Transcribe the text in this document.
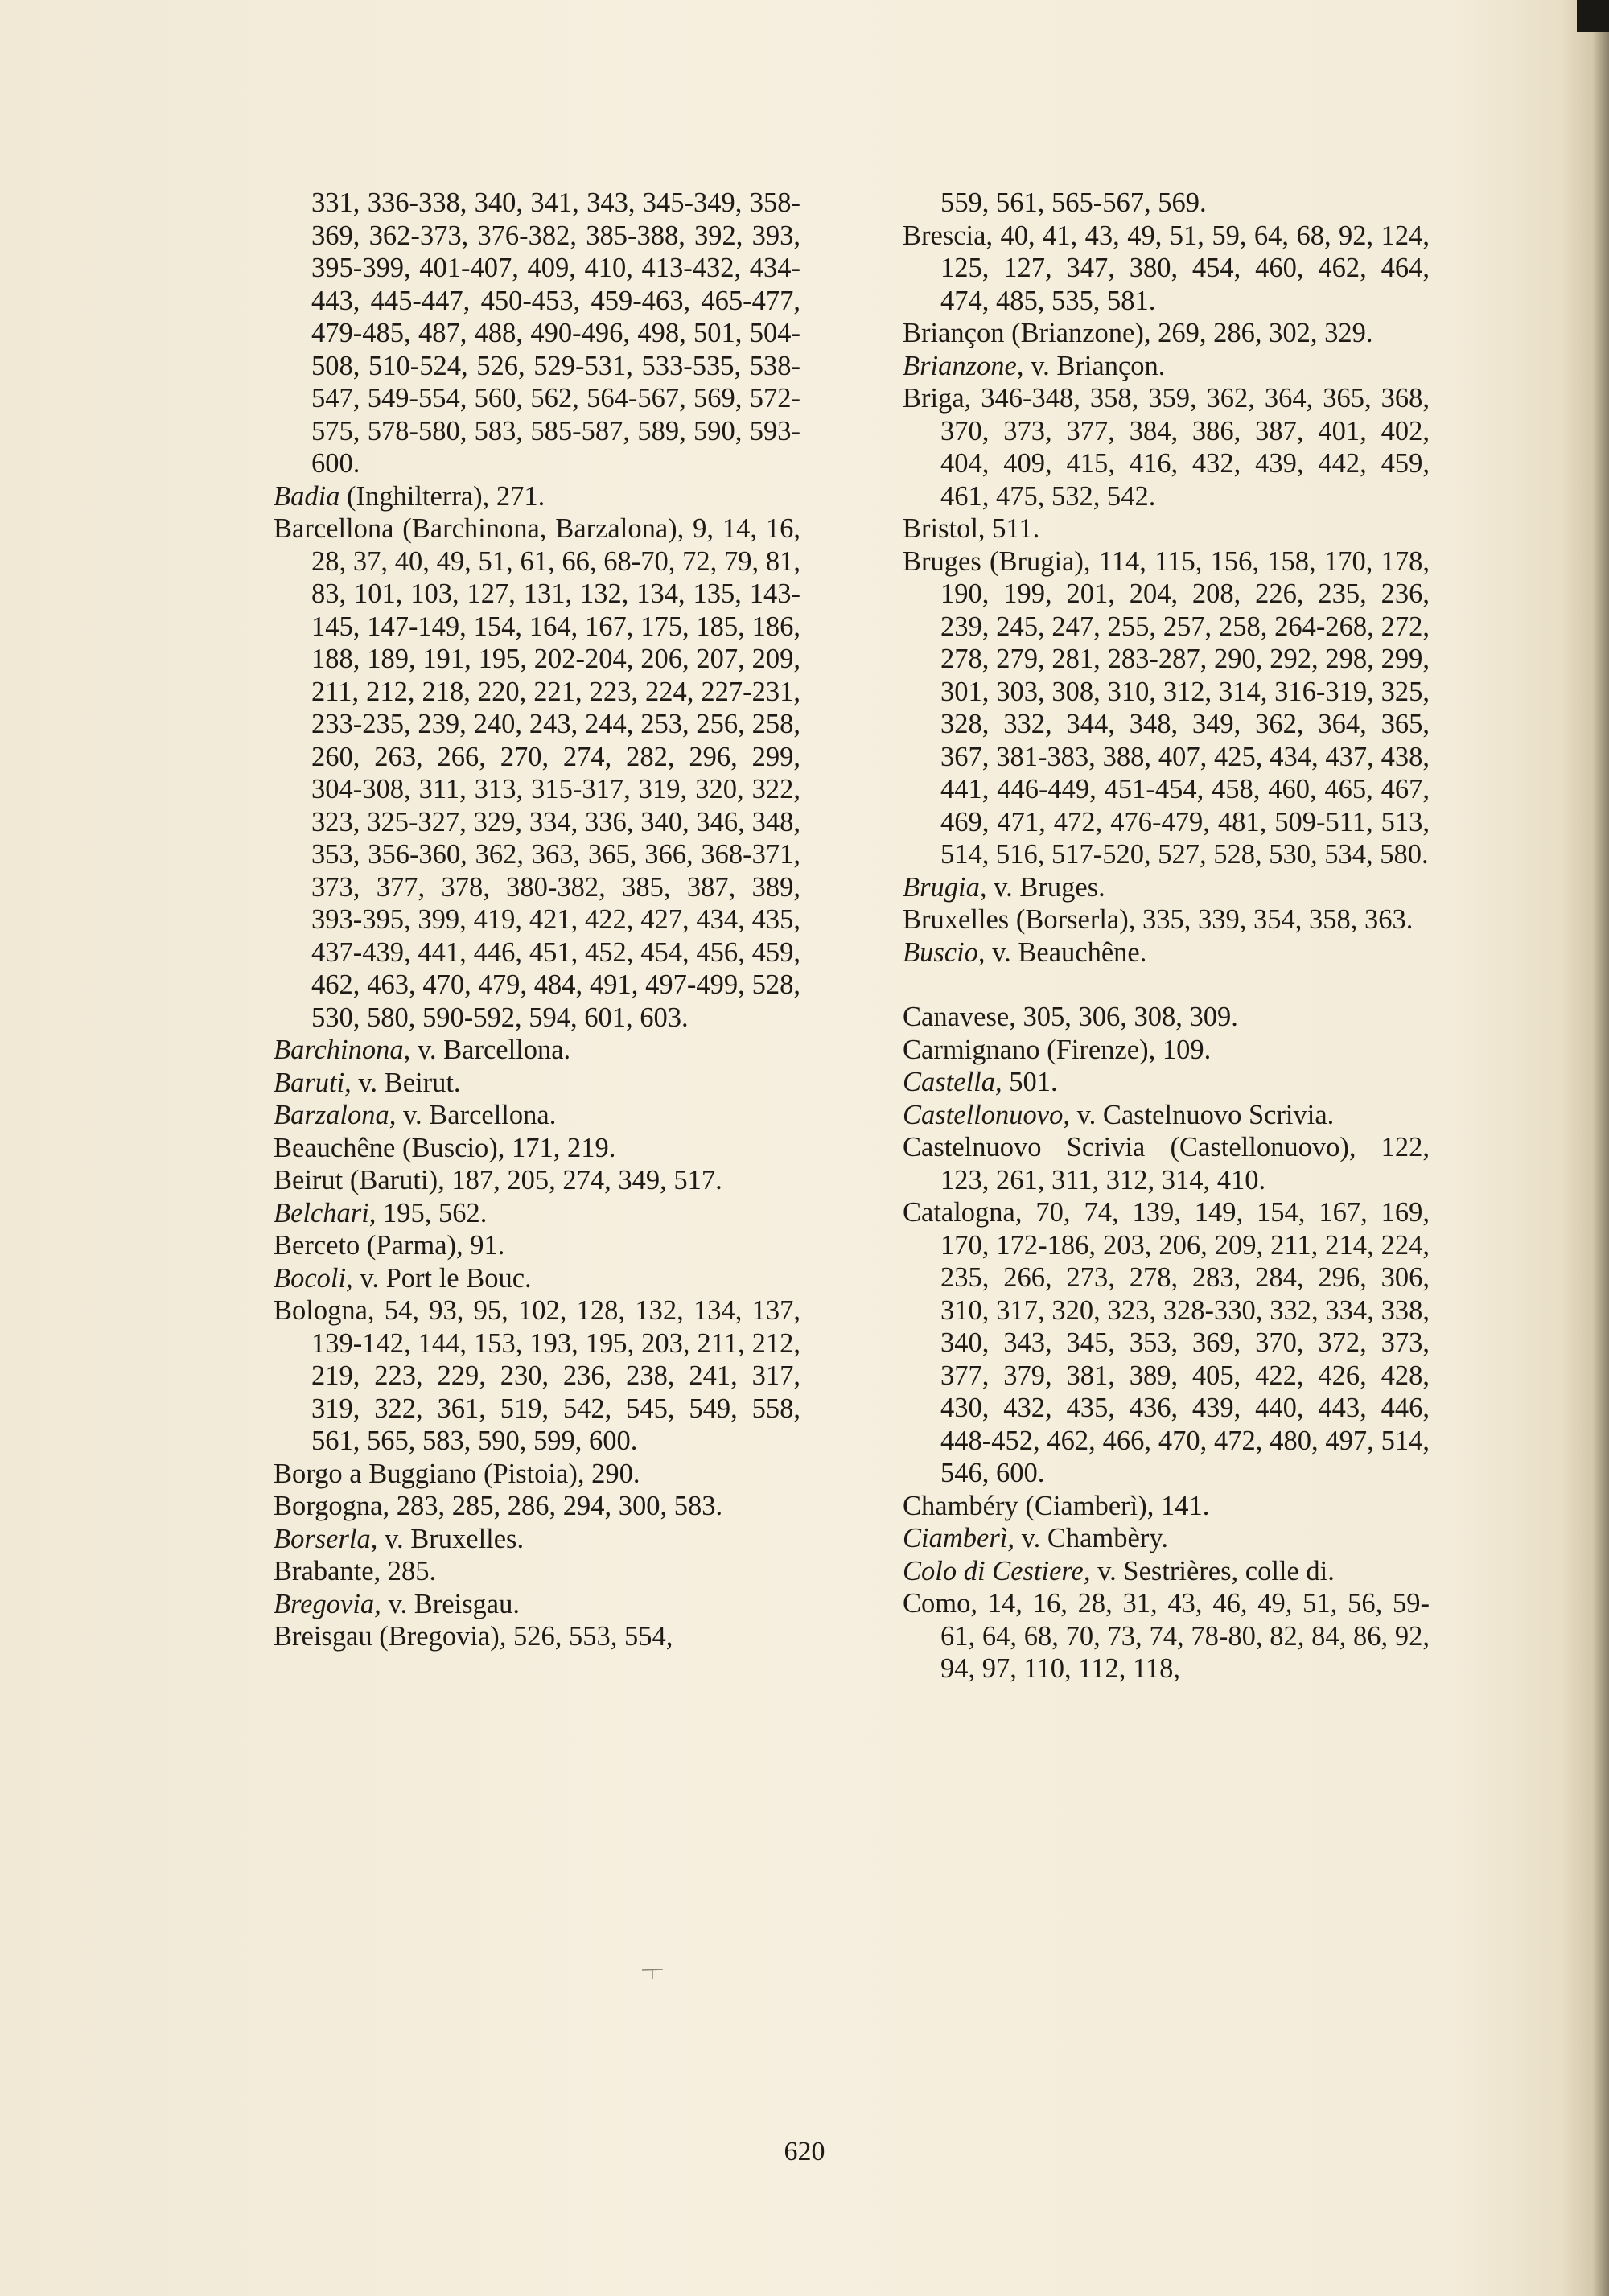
331, 336-338, 340, 341, 343, 345-349, 358-369, 362-373, 376-382, 385-388, 392, 393, 395-399, 401-407, 409, 410, 413-432, 434-443, 445-447, 450-453, 459-463, 465-477, 479-485, 487, 488, 490-496, 498, 501, 504-508, 510-524, 526, 529-531, 533-535, 538-547, 549-554, 560, 562, 564-567, 569, 572-575, 578-580, 583, 585-587, 589, 590, 593-600.

Badia (Inghilterra), 271.

Barcellona (Barchinona, Barzalona), 9, 14, 16, 28, 37, 40, 49, 51, 61, 66, 68-70, 72, 79, 81, 83, 101, 103, 127, 131, 132, 134, 135, 143-145, 147-149, 154, 164, 167, 175, 185, 186, 188, 189, 191, 195, 202-204, 206, 207, 209, 211, 212, 218, 220, 221, 223, 224, 227-231, 233-235, 239, 240, 243, 244, 253, 256, 258, 260, 263, 266, 270, 274, 282, 296, 299, 304-308, 311, 313, 315-317, 319, 320, 322, 323, 325-327, 329, 334, 336, 340, 346, 348, 353, 356-360, 362, 363, 365, 366, 368-371, 373, 377, 378, 380-382, 385, 387, 389, 393-395, 399, 419, 421, 422, 427, 434, 435, 437-439, 441, 446, 451, 452, 454, 456, 459, 462, 463, 470, 479, 484, 491, 497-499, 528, 530, 580, 590-592, 594, 601, 603.

Barchinona, v. Barcellona.

Baruti, v. Beirut.

Barzalona, v. Barcellona.

Beauchêne (Buscio), 171, 219.

Beirut (Baruti), 187, 205, 274, 349, 517.

Belchari, 195, 562.

Berceto (Parma), 91.

Bocoli, v. Port le Bouc.

Bologna, 54, 93, 95, 102, 128, 132, 134, 137, 139-142, 144, 153, 193, 195, 203, 211, 212, 219, 223, 229, 230, 236, 238, 241, 317, 319, 322, 361, 519, 542, 545, 549, 558, 561, 565, 583, 590, 599, 600.

Borgo a Buggiano (Pistoia), 290.

Borgogna, 283, 285, 286, 294, 300, 583.

Borserla, v. Bruxelles.

Brabante, 285.

Bregovia, v. Breisgau.

Breisgau (Bregovia), 526, 553, 554,

559, 561, 565-567, 569.

Brescia, 40, 41, 43, 49, 51, 59, 64, 68, 92, 124, 125, 127, 347, 380, 454, 460, 462, 464, 474, 485, 535, 581.

Briançon (Brianzone), 269, 286, 302, 329.

Brianzone, v. Briançon.

Briga, 346-348, 358, 359, 362, 364, 365, 368, 370, 373, 377, 384, 386, 387, 401, 402, 404, 409, 415, 416, 432, 439, 442, 459, 461, 475, 532, 542.

Bristol, 511.

Bruges (Brugia), 114, 115, 156, 158, 170, 178, 190, 199, 201, 204, 208, 226, 235, 236, 239, 245, 247, 255, 257, 258, 264-268, 272, 278, 279, 281, 283-287, 290, 292, 298, 299, 301, 303, 308, 310, 312, 314, 316-319, 325, 328, 332, 344, 348, 349, 362, 364, 365, 367, 381-383, 388, 407, 425, 434, 437, 438, 441, 446-449, 451-454, 458, 460, 465, 467, 469, 471, 472, 476-479, 481, 509-511, 513, 514, 516, 517-520, 527, 528, 530, 534, 580.

Brugia, v. Bruges.

Bruxelles (Borserla), 335, 339, 354, 358, 363.

Buscio, v. Beauchêne.

Canavese, 305, 306, 308, 309.

Carmignano (Firenze), 109.

Castella, 501.

Castellonuovo, v. Castelnuovo Scrivia.

Castelnuovo Scrivia (Castellonuovo), 122, 123, 261, 311, 312, 314, 410.

Catalogna, 70, 74, 139, 149, 154, 167, 169, 170, 172-186, 203, 206, 209, 211, 214, 224, 235, 266, 273, 278, 283, 284, 296, 306, 310, 317, 320, 323, 328-330, 332, 334, 338, 340, 343, 345, 353, 369, 370, 372, 373, 377, 379, 381, 389, 405, 422, 426, 428, 430, 432, 435, 436, 439, 440, 443, 446, 448-452, 462, 466, 470, 472, 480, 497, 514, 546, 600.

Chambéry (Ciamberì), 141.

Ciamberì, v. Chambèry.

Colo di Cestiere, v. Sestrières, colle di.

Como, 14, 16, 28, 31, 43, 46, 49, 51, 56, 59-61, 64, 68, 70, 73, 74, 78-80, 82, 84, 86, 92, 94, 97, 110, 112, 118,

620
